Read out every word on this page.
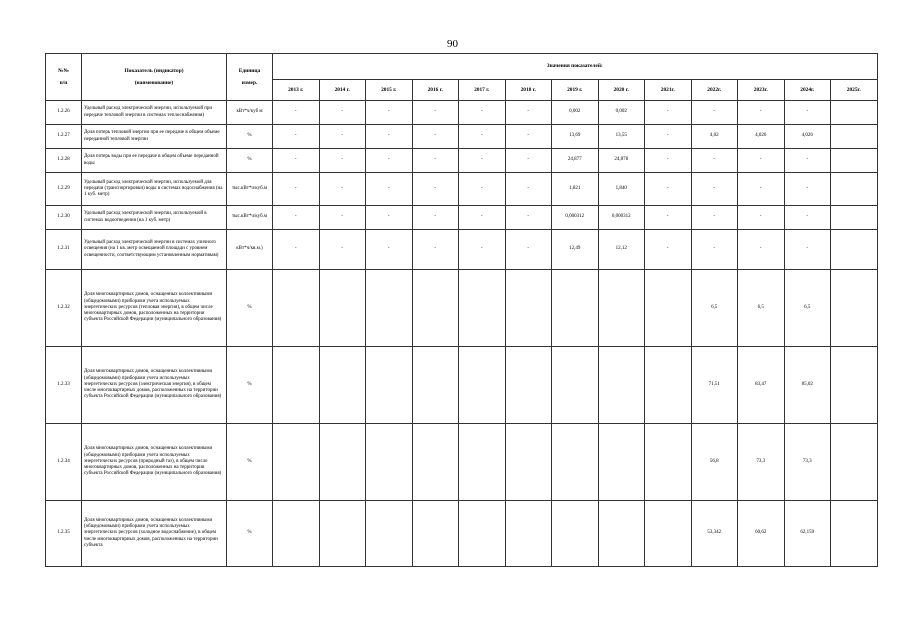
90
№№

п/п	Показатель (индикатор)

(наименование)	Единица

измер.	Значения показателей:												
			2013 г.	2014 г.	2015 г.	2016 г.	2017 г.	2018 г.	2019 г.	2020 г.	2021г.	2022г.	2023г.	2024г.	2025г.
1.2.26	Удельный расход электрической энергии, используемой при передаче тепловой энергии в системах теплоснабжения)	кВт*ч/куб м	-	-	-	-	-	-	0,002	0,002	-	-	-	-	
1.2.27	Доля потерь тепловой энергии при ее передаче в общем объеме переданной тепловой энергии	%	-	-	-	-	-	-	13,69	13,55	-	4,02	4,026	4,026	
1.2.28	Доля потерь воды при ее передаче в общем объеме переданной воды	%	-	-	-	-	-	-	24,877	24,878	-	-	-	-	
1.2.29	Удельный расход электрической энергии, используемой для передачи (транспортировки) воды в системах водоснабжения (на 1 куб. метр)	тыс.кВт*ч/куб.м	-	-	-	-	-	-	1,821	1,840	-	-	-	-	
1.2.30	Удельный расход электрической энергии, используемой в системах водоотведения (на 1 куб. метр)	тыс.кВт*ч/куб.м	-	-	-	-	-	-	0,000312	0,000312	-	-	-	-	
1.2.31	Удельный расход электрической энергии в системах уличного освещения (на 1 кв. метр освещаемой площади с уровнем освещенности, соответствующим установленным нормативам)	кВт*ч/кв.м.)	-	-	-	-	-	-	12,49	12,12	-	-	-	-	
1.2.32	Доля многоквартирных домов, оснащенных коллективными (общедомовыми) приборами учета используемых энергетических ресурсов (тепловая энергия), в общем числе многоквартирных домов, расположенных на территории субъекта Российской Федерации (муниципального образования)	%										6,5	6,5	6,5	
1.2.33	Доля многоквартирных домов, оснащенных коллективными (общедомовыми) приборами учета используемых энергетических ресурсов (электрическая энергия), в общем числе многоквартирных домов, расположенных на территории субъекта Российской Федерации (муниципального образования)	%										71,51	83,47	85,02	
1.2.34	Доля многоквартирных домов, оснащенных коллективными (общедомовыми) приборами учета используемых энергетических ресурсов (природный газ), в общем числе многоквартирных домов, расположенных на территории субъекта Российской Федерации (муниципального образования)	%										56,8	73,3	73,3	
1.2.35	Доля многоквартирных домов, оснащенных коллективными (общедомовыми) приборами учета используемых энергетических ресурсов (холодное водоснабжение), в общем числе многоквартирных домов, расположенных на территории субъекта	%										53,342	60,62	62,159	
